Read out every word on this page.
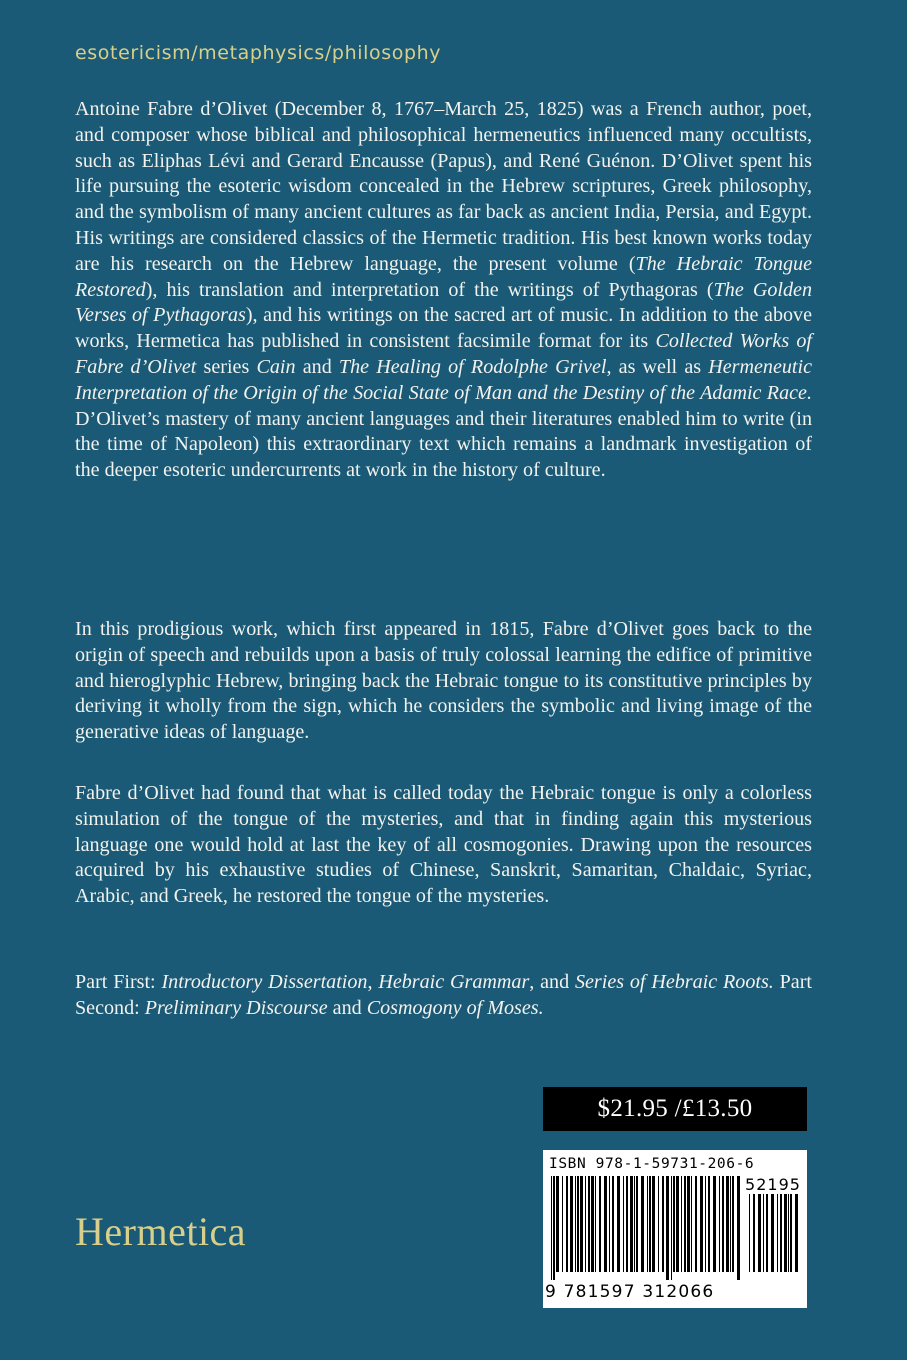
esotericism/metaphysics/philosophy

Antoine Fabre d’Olivet (December 8, 1767–March 25, 1825) was a French author, poet, and composer whose biblical and philosophical hermeneutics influenced many occultists, such as Eliphas Lévi and Gerard Encausse (Papus), and René Guénon. D’Olivet spent his life pursuing the esoteric wisdom concealed in the Hebrew scriptures, Greek philosophy, and the symbolism of many ancient cultures as far back as ancient India, Persia, and Egypt. His writings are considered classics of the Hermetic tradition. His best known works today are his research on the Hebrew language, the present volume (The Hebraic Tongue Restored), his translation and interpretation of the writings of Pythagoras (The Golden Verses of Pythagoras), and his writings on the sacred art of music. In addition to the above works, Hermetica has published in consistent facsimile format for its Collected Works of Fabre d’Olivet series Cain and The Healing of Rodolphe Grivel, as well as Hermeneutic Interpretation of the Origin of the Social State of Man and the Destiny of the Adamic Race. D’Olivet’s mastery of many ancient languages and their literatures enabled him to write (in the time of Napoleon) this extraordinary text which remains a landmark investigation of the deeper esoteric undercurrents at work in the history of culture.

In this prodigious work, which first appeared in 1815, Fabre d’Olivet goes back to the origin of speech and rebuilds upon a basis of truly colossal learning the edifice of primitive and hieroglyphic Hebrew, bringing back the Hebraic tongue to its constitutive principles by deriving it wholly from the sign, which he considers the symbolic and living image of the generative ideas of language.

Fabre d’Olivet had found that what is called today the Hebraic tongue is only a colorless simulation of the tongue of the mysteries, and that in finding again this mysterious language one would hold at last the key of all cosmogonies. Drawing upon the resources acquired by his exhaustive studies of Chinese, Sanskrit, Samaritan, Chaldaic, Syriac, Arabic, and Greek, he restored the tongue of the mysteries.

Part First: Introductory Dissertation, Hebraic Grammar, and Series of Hebraic Roots. Part Second: Preliminary Discourse and Cosmogony of Moses.

$21.95 /£13.50
ISBN 978-1-59731-206-6
52195
9 781597 312066
Hermetica
